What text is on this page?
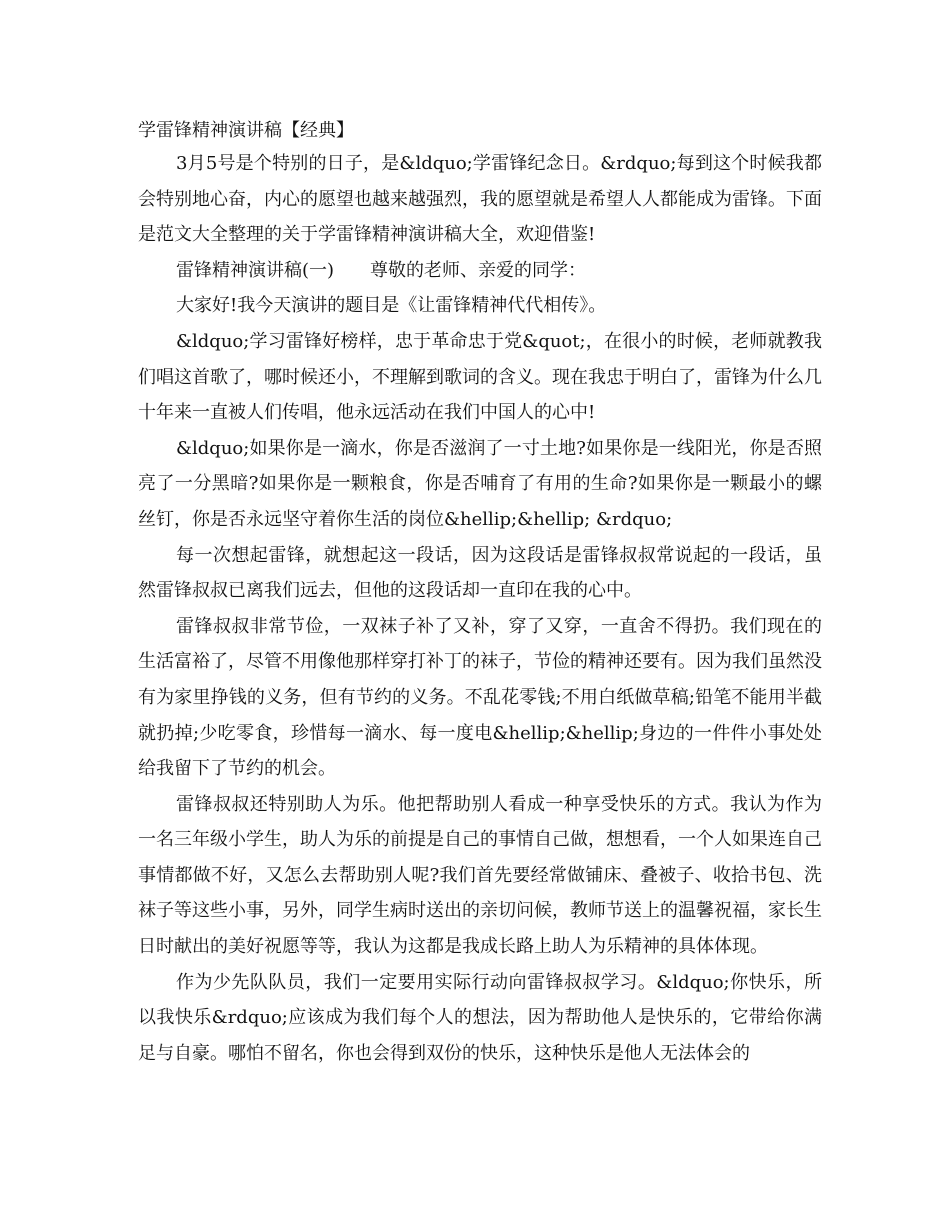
学雷锋精神演讲稿【经典】

3月5号是个特别的日子，是&ldquo;学雷锋纪念日。&rdquo;每到这个时候我都会特别地心奋，内心的愿望也越来越强烈，我的愿望就是希望人人都能成为雷锋。下面是范文大全整理的关于学雷锋精神演讲稿大全，欢迎借鉴!

雷锋精神演讲稿(一)　　尊敬的老师、亲爱的同学：

大家好!我今天演讲的题目是《让雷锋精神代代相传》。

&ldquo;学习雷锋好榜样，忠于革命忠于党&quot;，在很小的时候，老师就教我们唱这首歌了，哪时候还小，不理解到歌词的含义。现在我忠于明白了，雷锋为什么几十年来一直被人们传唱，他永远活动在我们中国人的心中!

&ldquo;如果你是一滴水，你是否滋润了一寸土地?如果你是一线阳光，你是否照亮了一分黑暗?如果你是一颗粮食，你是否哺育了有用的生命?如果你是一颗最小的螺丝钉，你是否永远坚守着你生活的岗位&hellip;&hellip; &rdquo;

每一次想起雷锋，就想起这一段话，因为这段话是雷锋叔叔常说起的一段话，虽然雷锋叔叔已离我们远去，但他的这段话却一直印在我的心中。

雷锋叔叔非常节俭，一双袜子补了又补，穿了又穿，一直舍不得扔。我们现在的生活富裕了，尽管不用像他那样穿打补丁的袜子，节俭的精神还要有。因为我们虽然没有为家里挣钱的义务，但有节约的义务。不乱花零钱;不用白纸做草稿;铅笔不能用半截就扔掉;少吃零食，珍惜每一滴水、每一度电&hellip;&hellip;身边的一件件小事处处给我留下了节约的机会。

雷锋叔叔还特别助人为乐。他把帮助别人看成一种享受快乐的方式。我认为作为一名三年级小学生，助人为乐的前提是自己的事情自己做，想想看，一个人如果连自己事情都做不好，又怎么去帮助别人呢?我们首先要经常做铺床、叠被子、收拾书包、洗袜子等这些小事，另外，同学生病时送出的亲切问候，教师节送上的温馨祝福，家长生日时献出的美好祝愿等等，我认为这都是我成长路上助人为乐精神的具体体现。

作为少先队队员，我们一定要用实际行动向雷锋叔叔学习。&ldquo;你快乐，所以我快乐&rdquo;应该成为我们每个人的想法，因为帮助他人是快乐的，它带给你满足与自豪。哪怕不留名，你也会得到双份的快乐，这种快乐是他人无法体会的
